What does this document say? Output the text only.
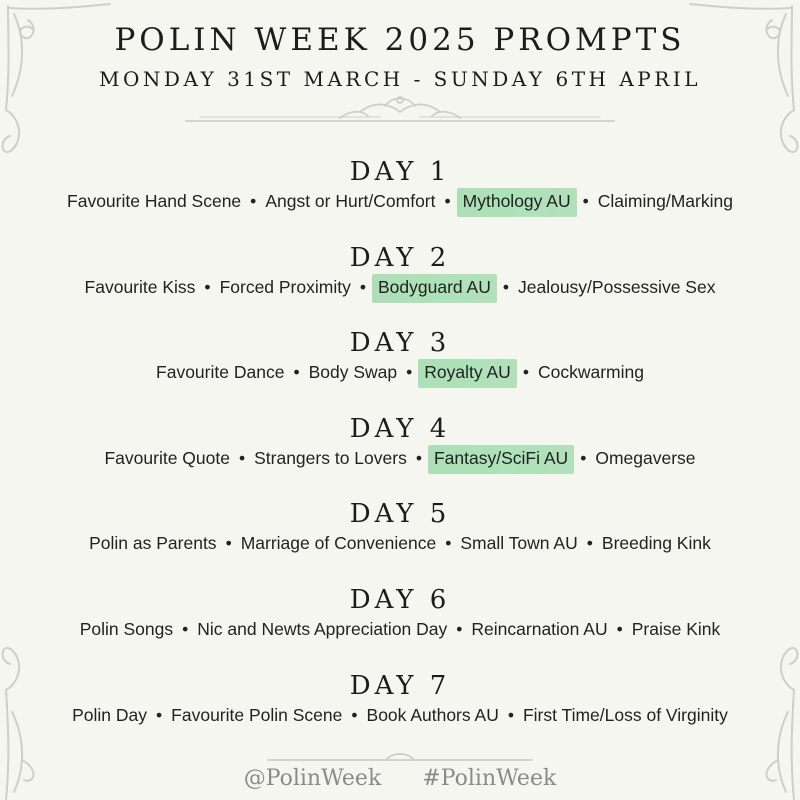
POLIN WEEK 2025 PROMPTS
MONDAY 31ST MARCH - SUNDAY 6TH APRIL
DAY 1
Favourite Hand Scene • Angst or Hurt/Comfort • Mythology AU • Claiming/Marking
DAY 2
Favourite Kiss • Forced Proximity • Bodyguard AU • Jealousy/Possessive Sex
DAY 3
Favourite Dance • Body Swap • Royalty AU • Cockwarming
DAY 4
Favourite Quote • Strangers to Lovers • Fantasy/SciFi AU • Omegaverse
DAY 5
Polin as Parents • Marriage of Convenience • Small Town AU • Breeding Kink
DAY 6
Polin Songs • Nic and Newts Appreciation Day • Reincarnation AU • Praise Kink
DAY 7
Polin Day • Favourite Polin Scene • Book Authors AU • First Time/Loss of Virginity
@PolinWeek #PolinWeek
